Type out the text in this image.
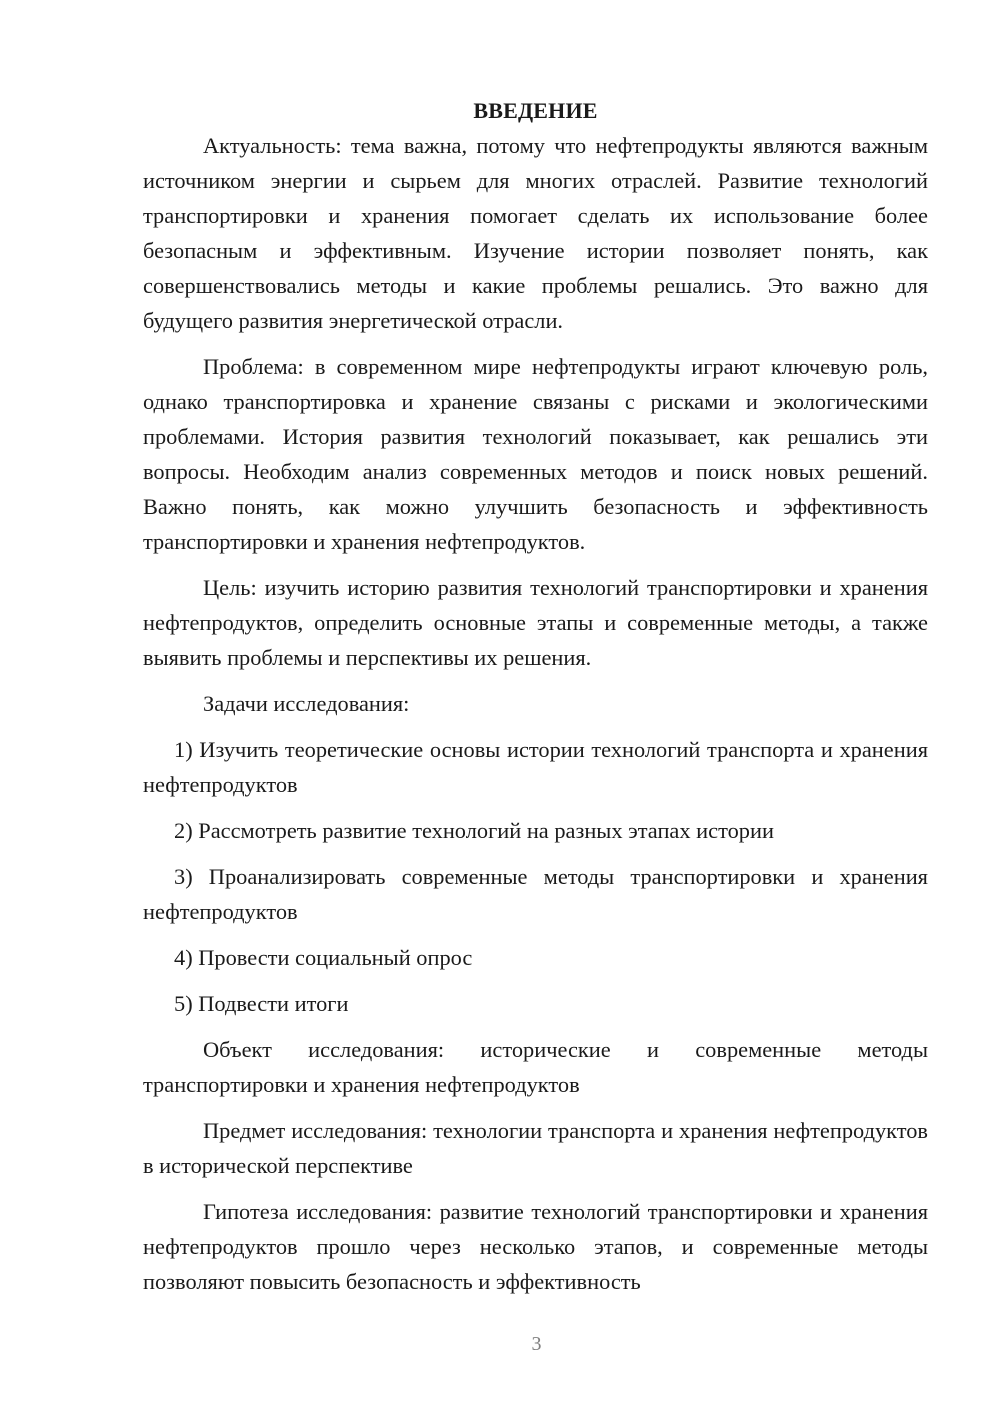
ВВЕДЕНИЕ

Актуальность: тема важна, потому что нефтепродукты являются важным источником энергии и сырьем для многих отраслей. Развитие технологий транспортировки и хранения помогает сделать их использование более безопасным и эффективным. Изучение истории позволяет понять, как совершенствовались методы и какие проблемы решались. Это важно для будущего развития энергетической отрасли.

Проблема: в современном мире нефтепродукты играют ключевую роль, однако транспортировка и хранение связаны с рисками и экологическими проблемами. История развития технологий показывает, как решались эти вопросы. Необходим анализ современных методов и поиск новых решений. Важно понять, как можно улучшить безопасность и эффективность транспортировки и хранения нефтепродуктов.

Цель: изучить историю развития технологий транспортировки и хранения нефтепродуктов, определить основные этапы и современные методы, а также выявить проблемы и перспективы их решения.

Задачи исследования:

1) Изучить теоретические основы истории технологий транспорта и хранения нефтепродуктов

2) Рассмотреть развитие технологий на разных этапах истории

3) Проанализировать современные методы транспортировки и хранения нефтепродуктов

4) Провести социальный опрос

5) Подвести итоги

Объект исследования: исторические и современные методы транспортировки и хранения нефтепродуктов

Предмет исследования: технологии транспорта и хранения нефтепродуктов в исторической перспективе

Гипотеза исследования: развитие технологий транспортировки и хранения нефтепродуктов прошло через несколько этапов, и современные методы позволяют повысить безопасность и эффективность

3
